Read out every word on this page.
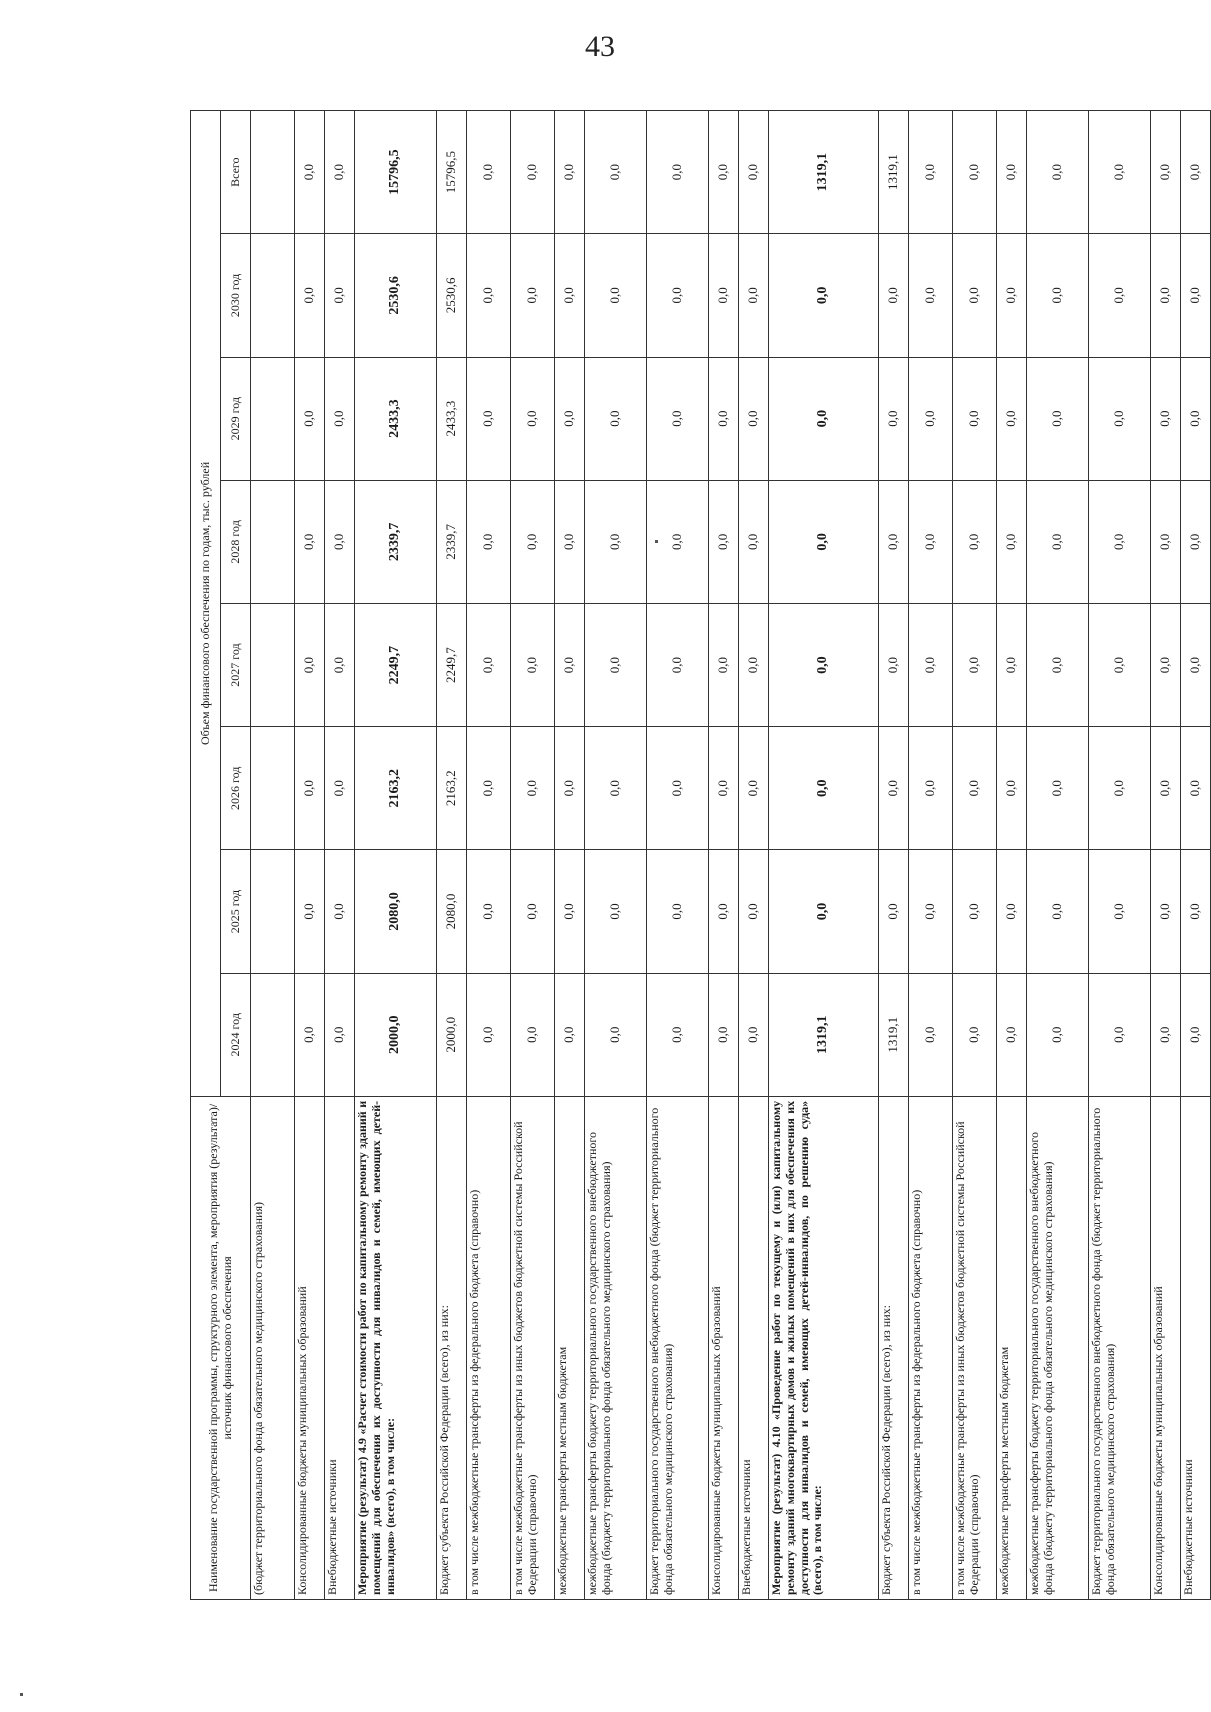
43
Наименование государственной программы, структурного элемента, мероприятия (результата)/источник финансового обеспечения	Объем финансового обеспечения по годам, тыс. рублей							
	2024 год	2025 год	2026 год	2027 год	2028 год	2029 год	2030 год	Всего
(бюджет территориального фонда обязательного медицинского страхования)								
Консолидированные бюджеты муниципальных образований	0,0	0,0	0,0	0,0	0,0	0,0	0,0	0,0
Внебюджетные источники	0,0	0,0	0,0	0,0	0,0	0,0	0,0	0,0
Мероприятие (результат) 4.9 «Расчет стоимости работ по капитальному ремонту зданий и помещений для обеспечения их доступности для инвалидов и семей, имеющих детей-инвалидов» (всего), в том числе:	2000,0	2080,0	2163,2	2249,7	2339,7	2433,3	2530,6	15796,5
Бюджет субъекта Российской Федерации (всего), из них:	2000,0	2080,0	2163,2	2249,7	2339,7	2433,3	2530,6	15796,5
в том числе межбюджетные трансферты из федерального бюджета (справочно)	0,0	0,0	0,0	0,0	0,0	0,0	0,0	0,0
в том числе межбюджетные трансферты из иных бюджетов бюджетной системы Российской Федерации (справочно)	0,0	0,0	0,0	0,0	0,0	0,0	0,0	0,0
межбюджетные трансферты местным бюджетам	0,0	0,0	0,0	0,0	0,0	0,0	0,0	0,0
межбюджетные трансферты бюджету территориального государственного внебюджетного фонда (бюджету территориального фонда обязательного медицинского страхования)	0,0	0,0	0,0	0,0	0,0	0,0	0,0	0,0
Бюджет территориального государственного внебюджетного фонда (бюджет территориального фонда обязательного медицинского страхования)	0,0	0,0	0,0	0,0	0,0	0,0	0,0	0,0
Консолидированные бюджеты муниципальных образований	0,0	0,0	0,0	0,0	0,0	0,0	0,0	0,0
Внебюджетные источники	0,0	0,0	0,0	0,0	0,0	0,0	0,0	0,0
Мероприятие (результат) 4.10 «Проведение работ по текущему и (или) капитальному ремонту зданий многоквартирных домов и жилых помещений в них для обеспечения их доступности для инвалидов и семей, имеющих детей-инвалидов, по решению суда» (всего), в том числе:	1319,1	0,0	0,0	0,0	0,0	0,0	0,0	1319,1
Бюджет субъекта Российской Федерации (всего), из них:	1319,1	0,0	0,0	0,0	0,0	0,0	0,0	1319,1
в том числе межбюджетные трансферты из федерального бюджета (справочно)	0,0	0,0	0,0	0,0	0,0	0,0	0,0	0,0
в том числе межбюджетные трансферты из иных бюджетов бюджетной системы Российской Федерации (справочно)	0,0	0,0	0,0	0,0	0,0	0,0	0,0	0,0
межбюджетные трансферты местным бюджетам	0,0	0,0	0,0	0,0	0,0	0,0	0,0	0,0
межбюджетные трансферты бюджету территориального государственного внебюджетного фонда (бюджету территориального фонда обязательного медицинского страхования)	0,0	0,0	0,0	0,0	0,0	0,0	0,0	0,0
Бюджет территориального государственного внебюджетного фонда (бюджет территориального фонда обязательного медицинского страхования)	0,0	0,0	0,0	0,0	0,0	0,0	0,0	0,0
Консолидированные бюджеты муниципальных образований	0,0	0,0	0,0	0,0	0,0	0,0	0,0	0,0
Внебюджетные источники	0,0	0,0	0,0	0,0	0,0	0,0	0,0	0,0
